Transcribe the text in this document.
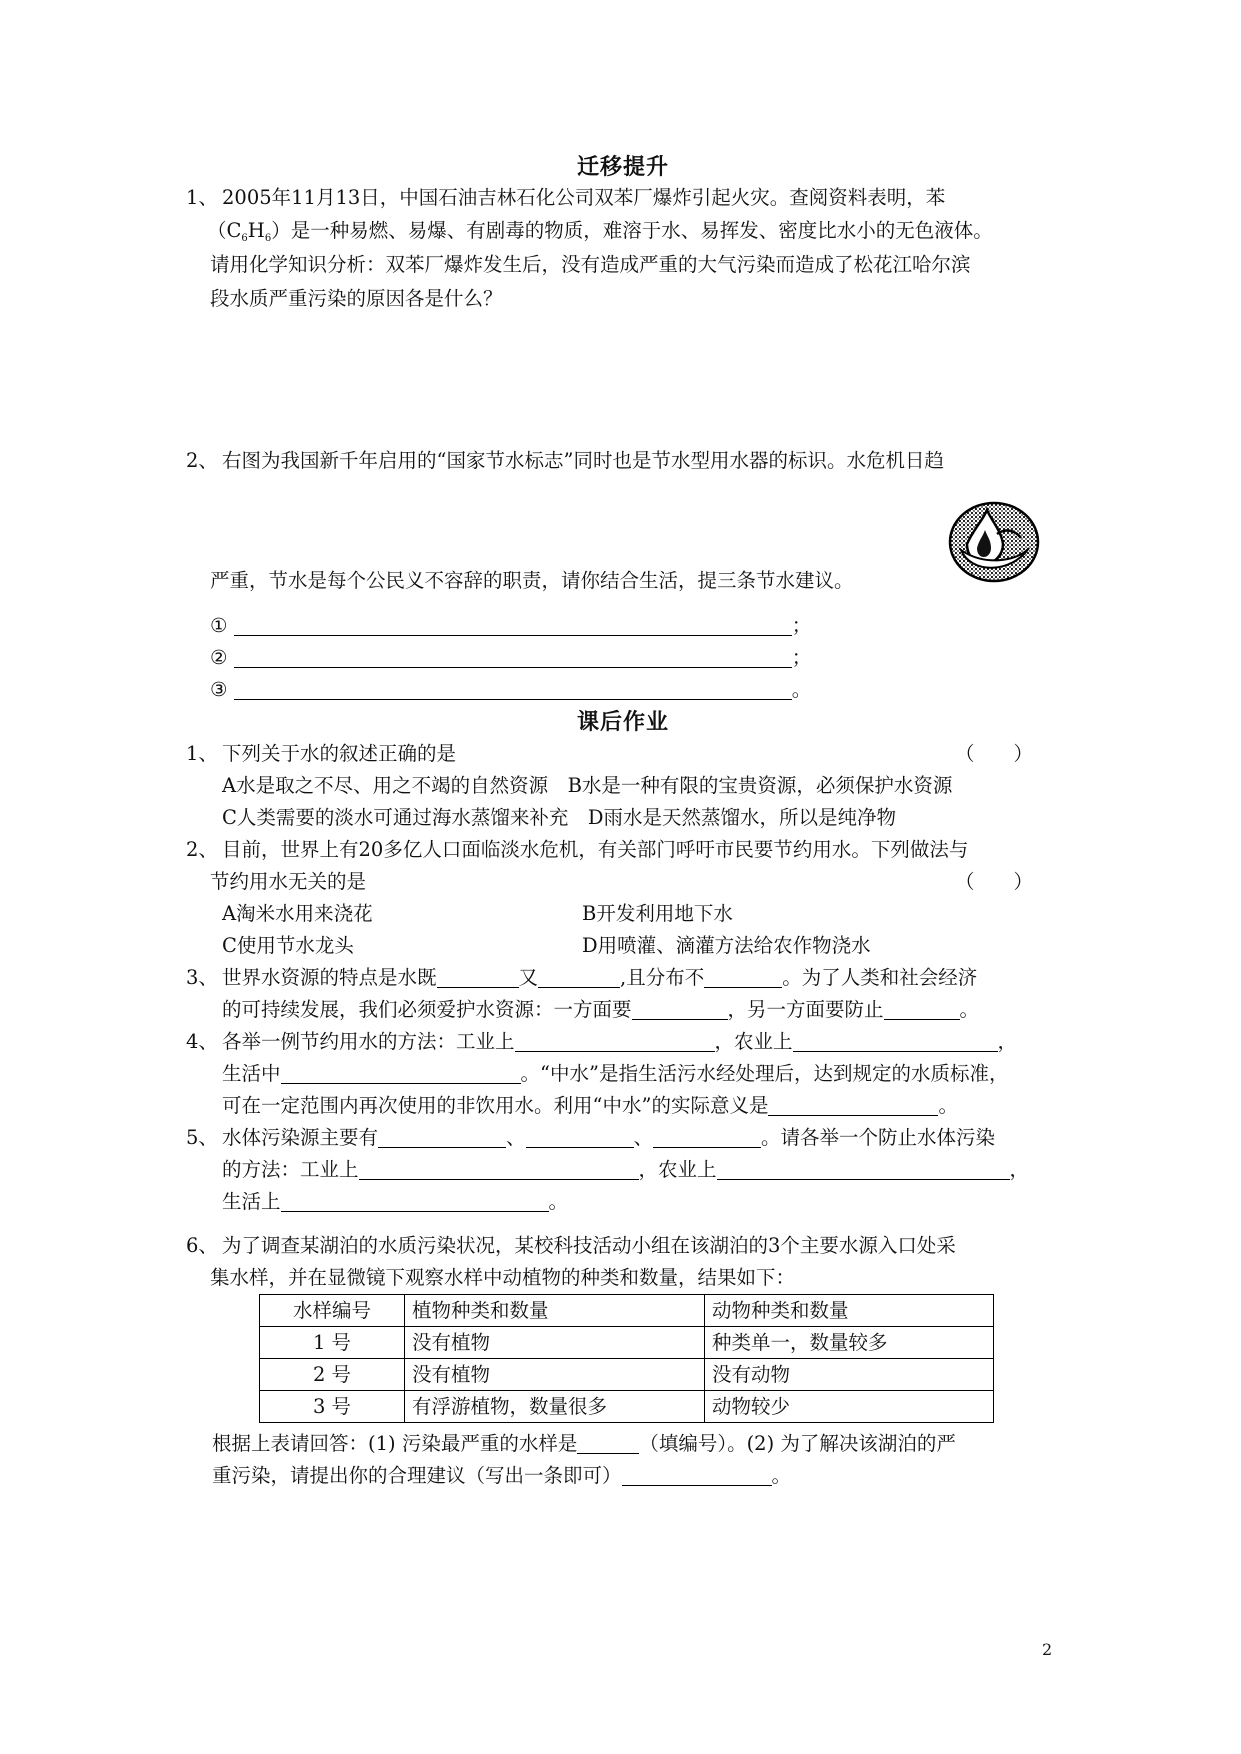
迁移提升
1、 2005年11月13日，中国石油吉林石化公司双苯厂爆炸引起火灾。查阅资料表明，苯
$(C_6H_6)$是一种易燃、易爆、有剧毒的物质，难溶于水、易挥发、密度比水小的无色液体。
请用化学知识分析：双苯厂爆炸发生后，没有造成严重的大气污染而造成了松花江哈尔滨
段水质严重污染的原因各是什么？
2、 右图为我国新千年启用的“国家节水标志”同时也是节水型用水器的标识。水危机日趋
严重，节水是每个公民义不容辞的职责，请你结合生活，提三条节水建议。
①	；
②	；
③	。
课后作业
1、 下列关于水的叙述正确的是	（　　）
A水是取之不尽、用之不竭的自然资源　B水是一种有限的宝贵资源，必须保护水资源
C人类需要的淡水可通过海水蒸馏来补充　D雨水是天然蒸馏水，所以是纯净物
2、 目前，世界上有20多亿人口面临淡水危机，有关部门呼吁市民要节约用水。下列做法与
节约用水无关的是	（　　）
A淘米水用来浇花	B开发利用地下水
C使用节水龙头	D用喷灌、滴灌方法给农作物浇水
3、 世界水资源的特点是水既	又	,且分布不	。为了人类和社会经济
的可持续发展，我们必须爱护水资源：一方面要	，另一方面要防止	。
4、 各举一例节约用水的方法：工业上	，农业上	，
生活中	。“中水”是指生活污水经处理后，达到规定的水质标准，
可在一定范围内再次使用的非饮用水。利用“中水”的实际意义是	。
5、 水体污染源主要有	、	、	。请各举一个防止水体污染
的方法：工业上	，农业上	，
生活上	。
6、 为了调查某湖泊的水质污染状况，某校科技活动小组在该湖泊的3个主要水源入口处采
集水样，并在显微镜下观察水样中动植物的种类和数量，结果如下：
水样编号	植物种类和数量	动物种类和数量
1 号	没有植物	种类单一，数量较多
2 号	没有植物	没有动物
3 号	有浮游植物，数量很多	动物较少
根据上表请回答：(1) 污染最严重的水样是	（填编号）。(2) 为了解决该湖泊的严
重污染，请提出你的合理建议（写出一条即可）	。
2
